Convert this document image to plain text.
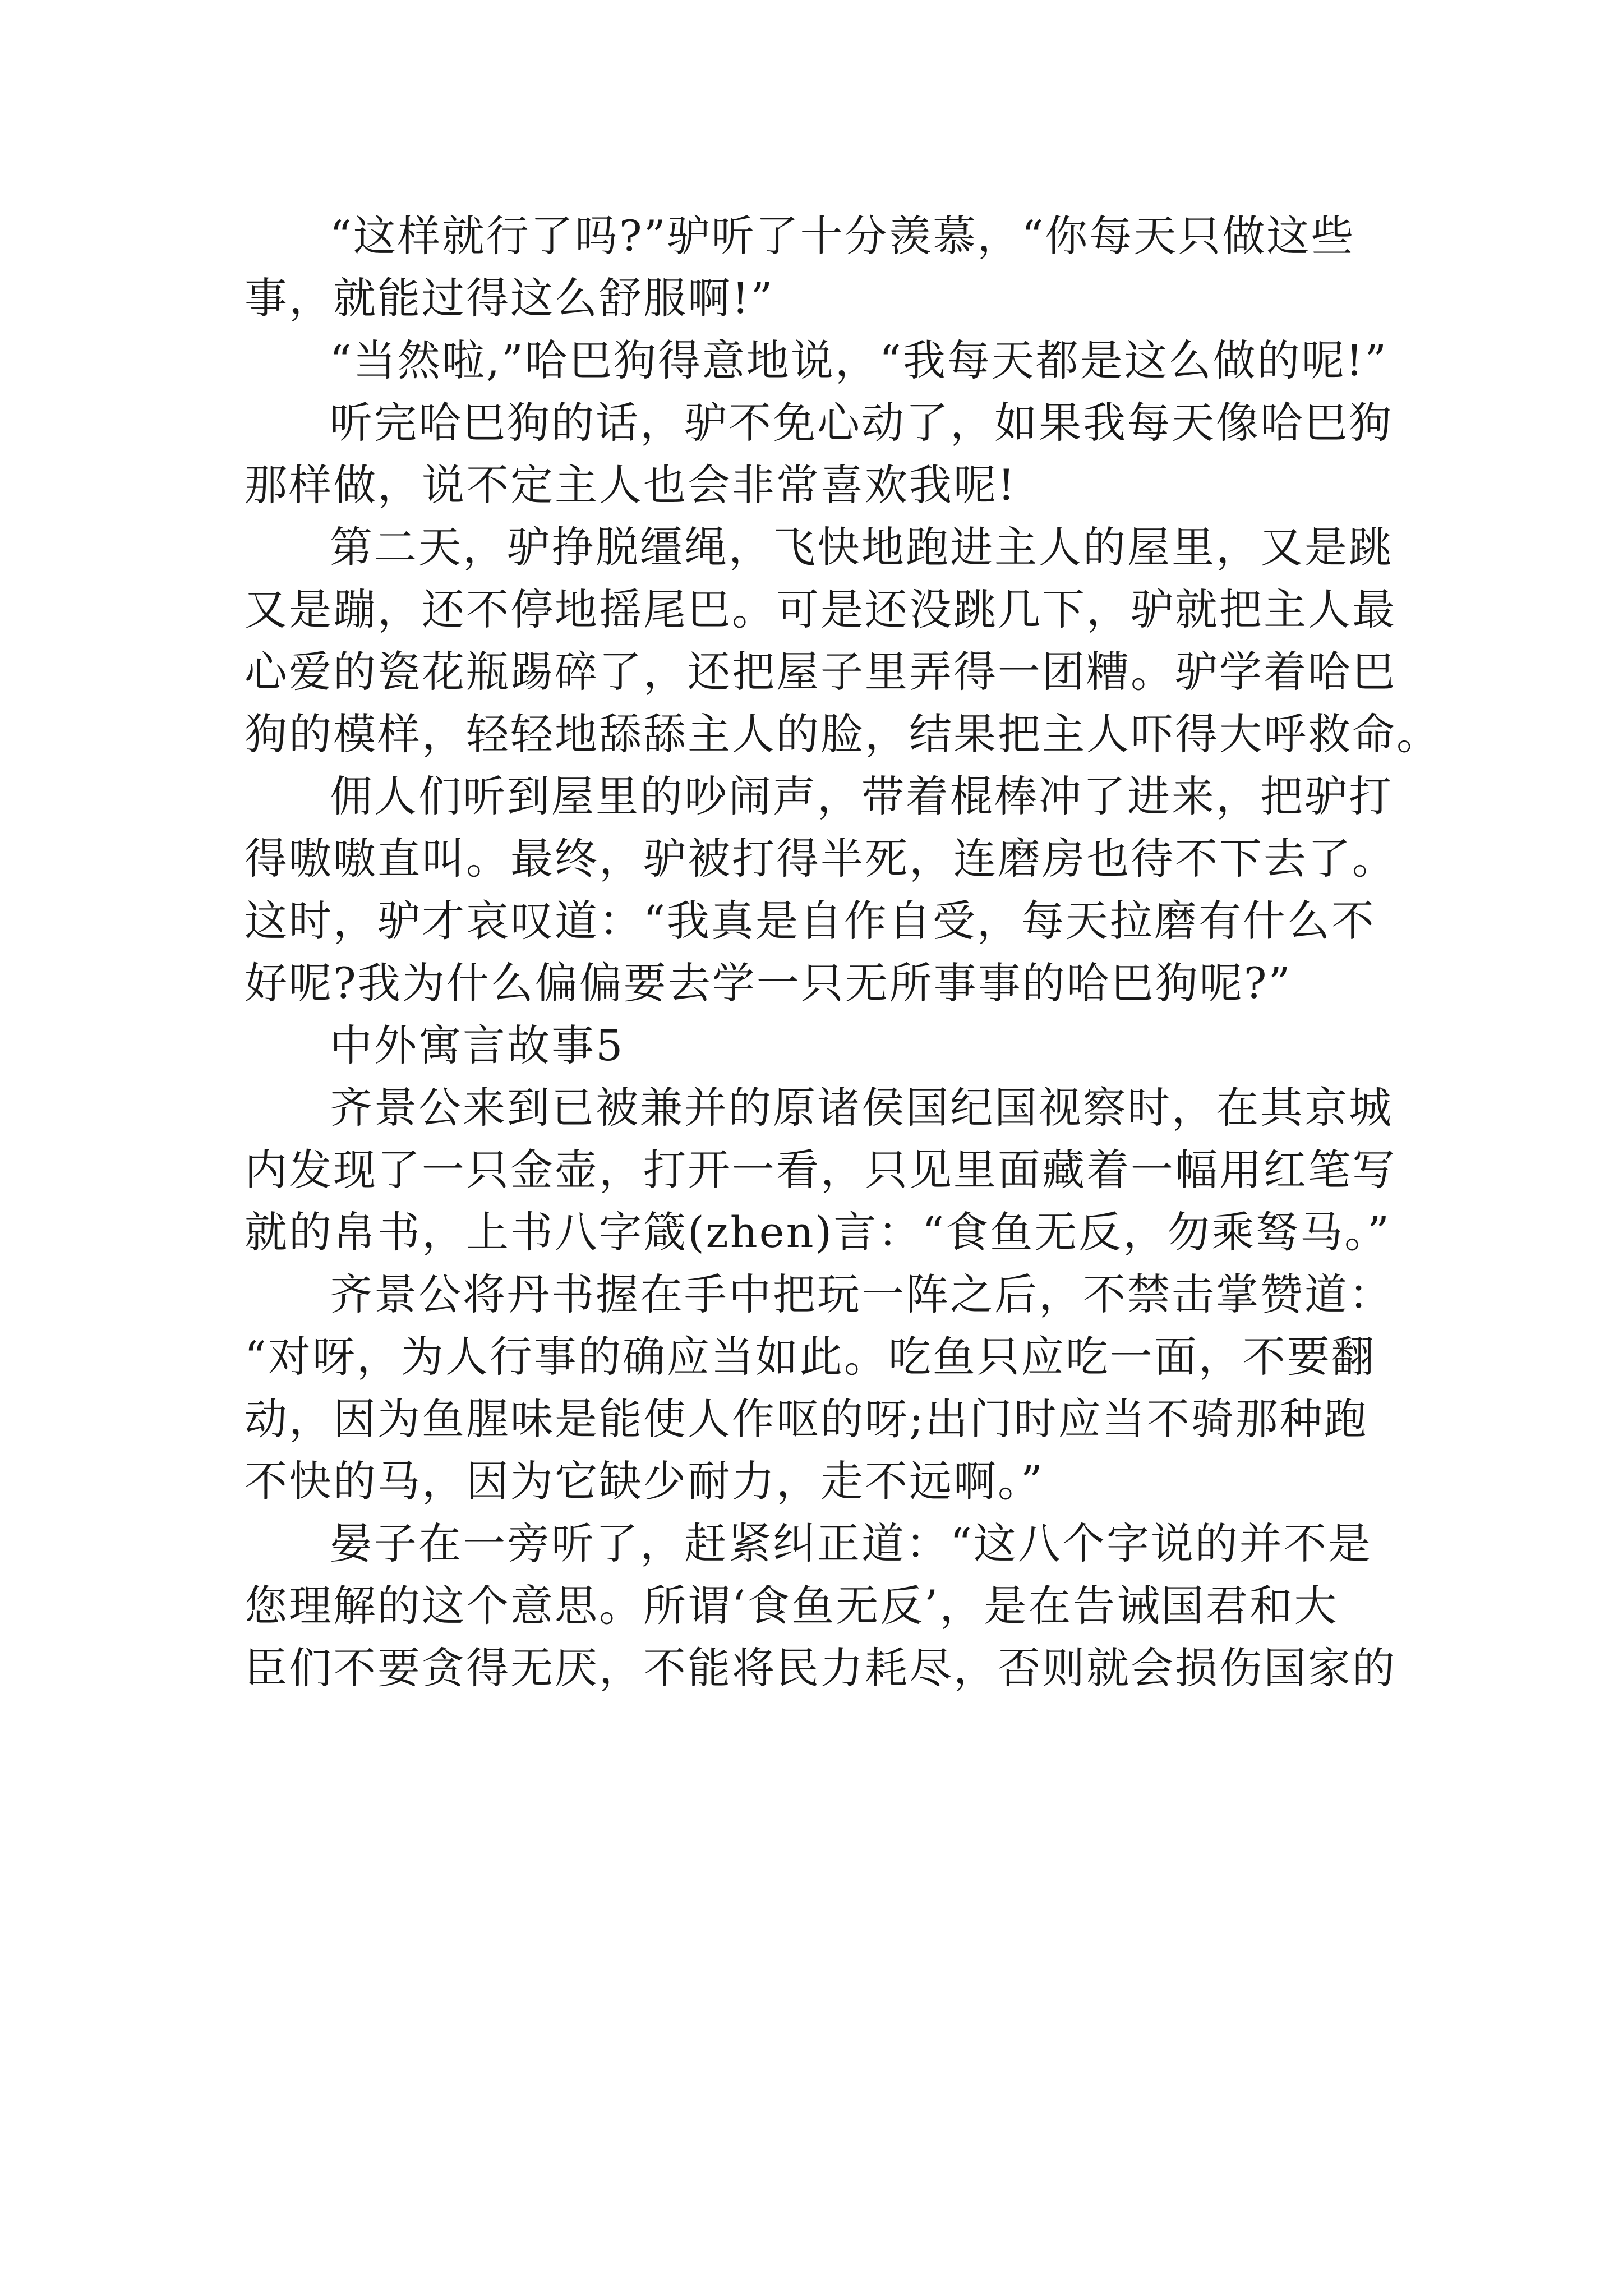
“这样就行了吗?”驴听了十分羡慕，“你每天只做这些
事，就能过得这么舒服啊!”
“当然啦,”哈巴狗得意地说，“我每天都是这么做的呢!”
听完哈巴狗的话，驴不免心动了，如果我每天像哈巴狗
那样做，说不定主人也会非常喜欢我呢!
第二天，驴挣脱缰绳，飞快地跑进主人的屋里，又是跳
又是蹦，还不停地摇尾巴。可是还没跳几下，驴就把主人最
心爱的瓷花瓶踢碎了，还把屋子里弄得一团糟。驴学着哈巴
狗的模样，轻轻地舔舔主人的脸，结果把主人吓得大呼救命。
佣人们听到屋里的吵闹声，带着棍棒冲了进来，把驴打
得嗷嗷直叫。最终，驴被打得半死，连磨房也待不下去了。
这时，驴才哀叹道：“我真是自作自受，每天拉磨有什么不
好呢?我为什么偏偏要去学一只无所事事的哈巴狗呢?”
中外寓言故事5
齐景公来到已被兼并的原诸侯国纪国视察时，在其京城
内发现了一只金壶，打开一看，只见里面藏着一幅用红笔写
就的帛书，上书八字箴(zhen)言：“食鱼无反，勿乘驽马。”
齐景公将丹书握在手中把玩一阵之后，不禁击掌赞道：
“对呀，为人行事的确应当如此。吃鱼只应吃一面，不要翻
动，因为鱼腥味是能使人作呕的呀;出门时应当不骑那种跑
不快的马，因为它缺少耐力，走不远啊。”
晏子在一旁听了，赶紧纠正道：“这八个字说的并不是
您理解的这个意思。所谓‘食鱼无反’，是在告诫国君和大
臣们不要贪得无厌，不能将民力耗尽，否则就会损伤国家的
